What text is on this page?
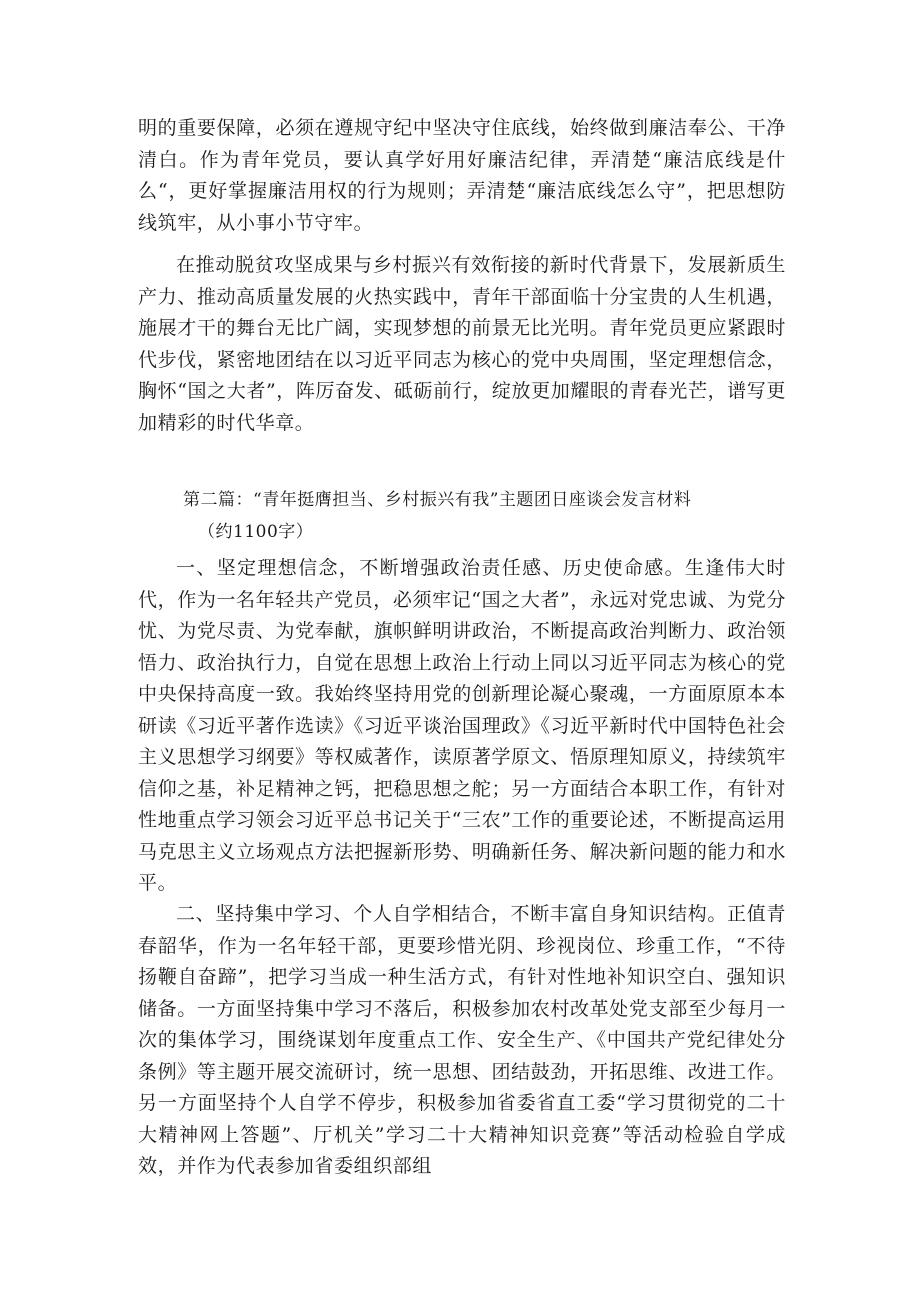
明的重要保障，必须在遵规守纪中坚决守住底线，始终做到廉洁奉公、干净清白。作为青年党员，要认真学好用好廉洁纪律，弄清楚“廉洁底线是什么“，更好掌握廉洁用权的行为规则；弄清楚“廉洁底线怎么守”，把思想防线筑牢，从小事小节守牢。

在推动脱贫攻坚成果与乡村振兴有效衔接的新时代背景下，发展新质生产力、推动高质量发展的火热实践中，青年干部面临十分宝贵的人生机遇，施展才干的舞台无比广阔，实现梦想的前景无比光明。青年党员更应紧跟时代步伐，紧密地团结在以习近平同志为核心的党中央周围，坚定理想信念，胸怀“国之大者”，阵厉奋发、砥砺前行，绽放更加耀眼的青春光芒，谱写更加精彩的时代华章。

第二篇：“青年挺膺担当、乡村振兴有我”主题团日座谈会发言材料
（约1100字）

一、坚定理想信念，不断增强政治责任感、历史使命感。生逢伟大时代，作为一名年轻共产党员，必须牢记“国之大者”，永远对党忠诚、为党分忧、为党尽责、为党奉献，旗帜鲜明讲政治，不断提高政治判断力、政治领悟力、政治执行力，自觉在思想上政治上行动上同以习近平同志为核心的党中央保持高度一致。我始终坚持用党的创新理论凝心聚魂，一方面原原本本研读《习近平著作选读》《习近平谈治国理政》《习近平新时代中国特色社会主义思想学习纲要》等权威著作，读原著学原文、悟原理知原义，持续筑牢信仰之基，补足精神之钙，把稳思想之舵；另一方面结合本职工作，有针对性地重点学习领会习近平总书记关于“三农”工作的重要论述，不断提高运用马克思主义立场观点方法把握新形势、明确新任务、解决新问题的能力和水平。

二、坚持集中学习、个人自学相结合，不断丰富自身知识结构。正值青春韶华，作为一名年轻干部，更要珍惜光阴、珍视岗位、珍重工作，“不待扬鞭自奋蹄”，把学习当成一种生活方式，有针对性地补知识空白、强知识储备。一方面坚持集中学习不落后，积极参加农村改革处党支部至少每月一次的集体学习，围绕谋划年度重点工作、安全生产、《中国共产党纪律处分条例》等主题开展交流研讨，统一思想、团结鼓劲，开拓思维、改进工作。另一方面坚持个人自学不停步，积极参加省委省直工委“学习贯彻党的二十大精神网上答题”、厅机关”学习二十大精神知识竞赛”等活动检验自学成效，并作为代表参加省委组织部组
